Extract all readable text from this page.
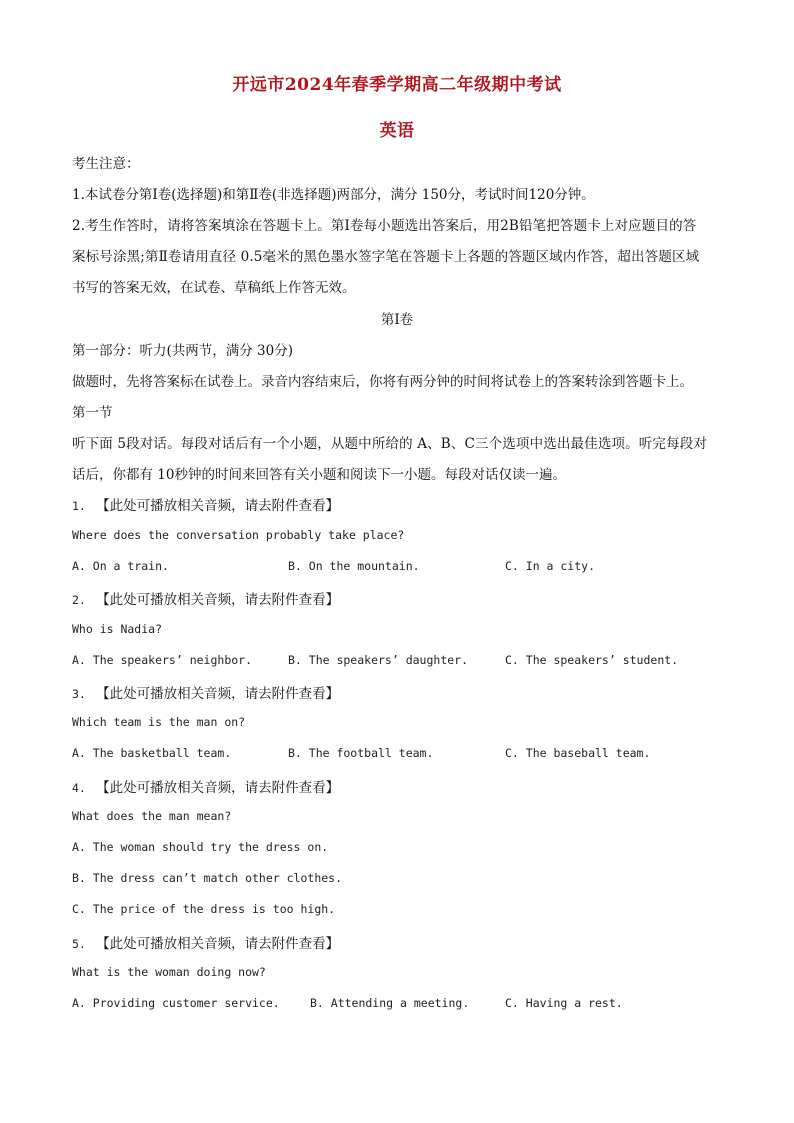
开远市2024年春季学期高二年级期中考试
英语
考生注意：
1.本试卷分第Ⅰ卷(选择题)和第Ⅱ卷(非选择题)两部分，满分 150分，考试时间120分钟。
2.考生作答时，请将答案填涂在答题卡上。第Ⅰ卷每小题选出答案后，用2B铅笔把答题卡上对应题目的答
案标号涂黑;第Ⅱ卷请用直径 0.5毫米的黑色墨水签字笔在答题卡上各题的答题区域内作答，超出答题区域
书写的答案无效，在试卷、草稿纸上作答无效。
第Ⅰ卷
第一部分：听力(共两节，满分 30分)
做题时，先将答案标在试卷上。录音内容结束后，你将有两分钟的时间将试卷上的答案转涂到答题卡上。
第一节
听下面 5段对话。每段对话后有一个小题，从题中所给的 A、B、C三个选项中选出最佳选项。听完每段对
话后，你都有 10秒钟的时间来回答有关小题和阅读下一小题。每段对话仅读一遍。
1. 【此处可播放相关音频，请去附件查看】
Where does the conversation probably take place?
A. On a train.	B. On the mountain.	C. In a city.
2. 【此处可播放相关音频，请去附件查看】
Who is Nadia?
A. The speakers’ neighbor.	B. The speakers’ daughter.	C. The speakers’ student.
3. 【此处可播放相关音频，请去附件查看】
Which team is the man on?
A. The basketball team.	B. The football team.	C. The baseball team.
4. 【此处可播放相关音频，请去附件查看】
What does the man mean?
A. The woman should try the dress on.
B. The dress can’t match other clothes.
C. The price of the dress is too high.
5. 【此处可播放相关音频，请去附件查看】
What is the woman doing now?
A. Providing customer service.	B. Attending a meeting.	C. Having a rest.
